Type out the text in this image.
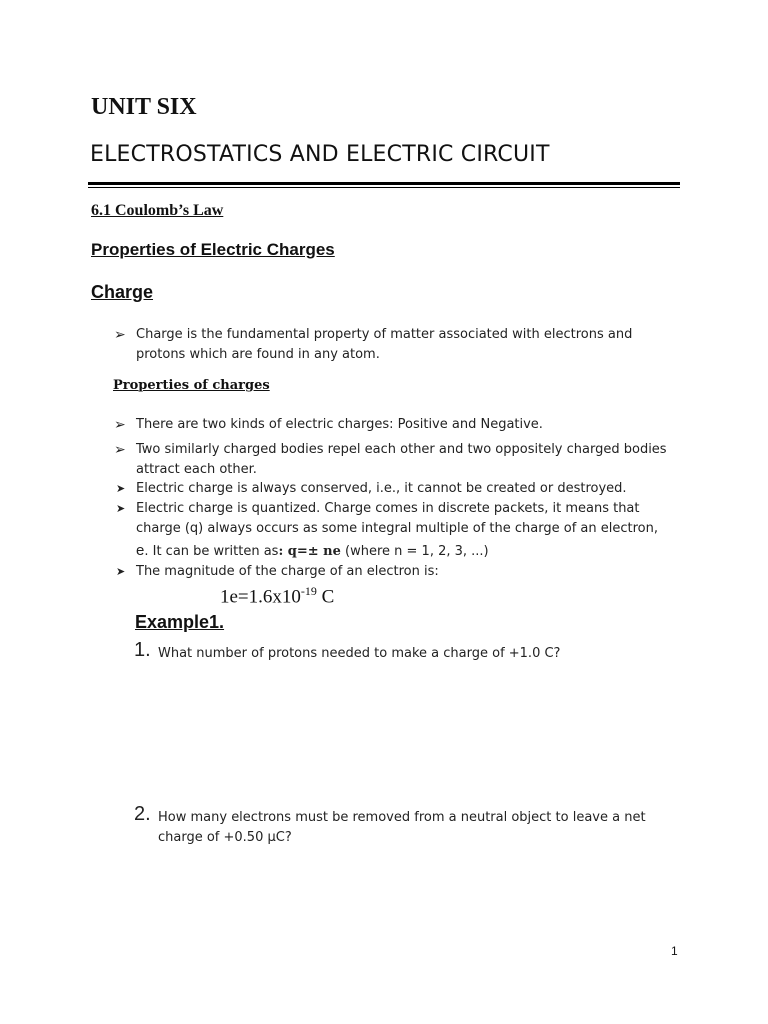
UNIT SIX
ELECTROSTATICS AND ELECTRIC CIRCUIT
6.1 Coulomb’s Law
Properties of Electric Charges
Charge
➢ Charge is the fundamental property of matter associated with electrons and protons which are found in any atom.
Properties of charges
➢ There are two kinds of electric charges: Positive and Negative.
➢ Two similarly charged bodies repel each other and two oppositely charged bodies attract each other.
➤ Electric charge is always conserved, i.e., it cannot be created or destroyed.
➤ Electric charge is quantized. Charge comes in discrete packets, it means that charge (q) always occurs as some integral multiple of the charge of an electron,
e. It can be written as: q=± ne (where n = 1, 2, 3, ...)
➤ The magnitude of the charge of an electron is:
$1e=1.6x10^{-19}$ C
Example1.
1. What number of protons needed to make a charge of +1.0 C?
2. How many electrons must be removed from a neutral object to leave a net charge of +0.50 µC?
1
